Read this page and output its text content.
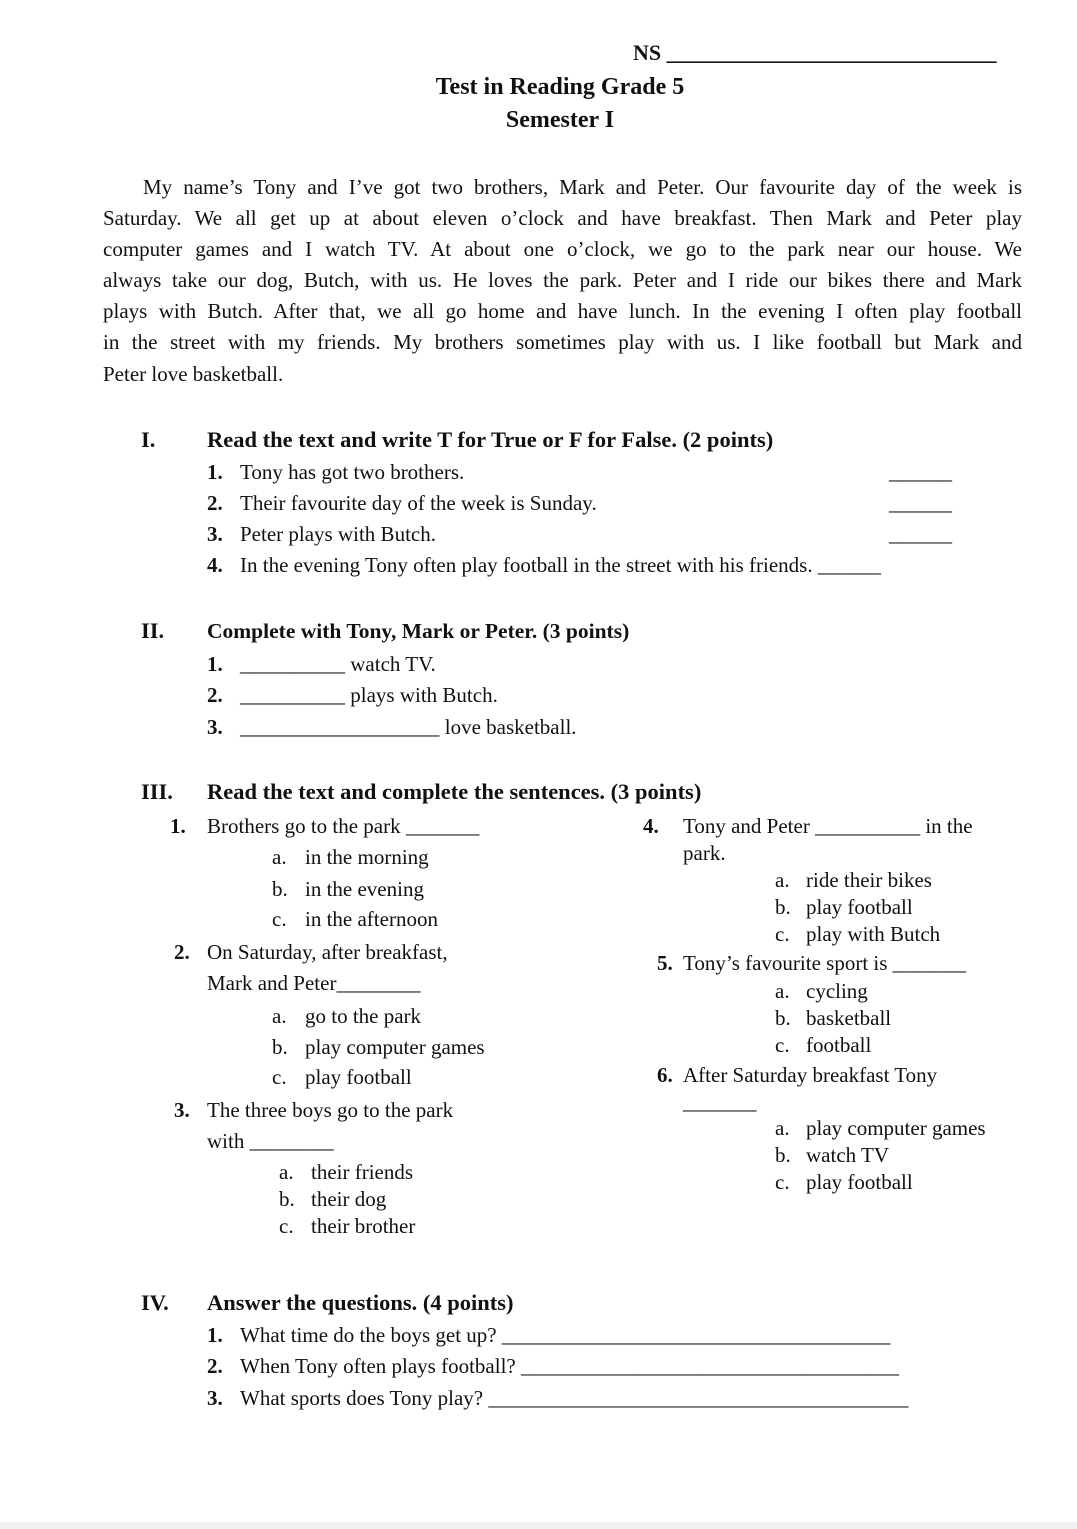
NS ______________________________
Test in Reading Grade 5
Semester I
My name’s Tony and I’ve got two brothers, Mark and Peter. Our favourite day of the week is
Saturday. We all get up at about eleven o’clock and have breakfast. Then Mark and Peter play
computer games and I watch TV. At about one o’clock, we go to the park near our house. We
always take our dog, Butch, with us. He loves the park. Peter and I ride our bikes there and Mark
plays with Butch. After that, we all go home and have lunch. In the evening I often play football
in the street with my friends. My brothers sometimes play with us. I like football but Mark and
Peter love basketball.
I. Read the text and write T for True or F for False. (2 points)
1. Tony has got two brothers.	______
2. Their favourite day of the week is Sunday.	______
3. Peter plays with Butch.	______
4. In the evening Tony often play football in the street with his friends. ______
II. Complete with Tony, Mark or Peter. (3 points)
1. __________ watch TV.
2. __________ plays with Butch.
3. ___________________ love basketball.
III. Read the text and complete the sentences. (3 points)
1. Brothers go to the park _______
a. in the morning
b. in the evening
c. in the afternoon
2. On Saturday, after breakfast,
Mark and Peter________
a. go to the park
b. play computer games
c. play football
3. The three boys go to the park
with ________
a. their friends
b. their dog
c. their brother
4. Tony and Peter __________ in the
park.
a. ride their bikes
b. play football
c. play with Butch
5. Tony’s favourite sport is _______
a. cycling
b. basketball
c. football
6. After Saturday breakfast Tony
_______
a. play computer games
b. watch TV
c. play football
IV. Answer the questions. (4 points)
1. What time do the boys get up? _____________________________________
2. When Tony often plays football? ____________________________________
3. What sports does Tony play? ________________________________________
